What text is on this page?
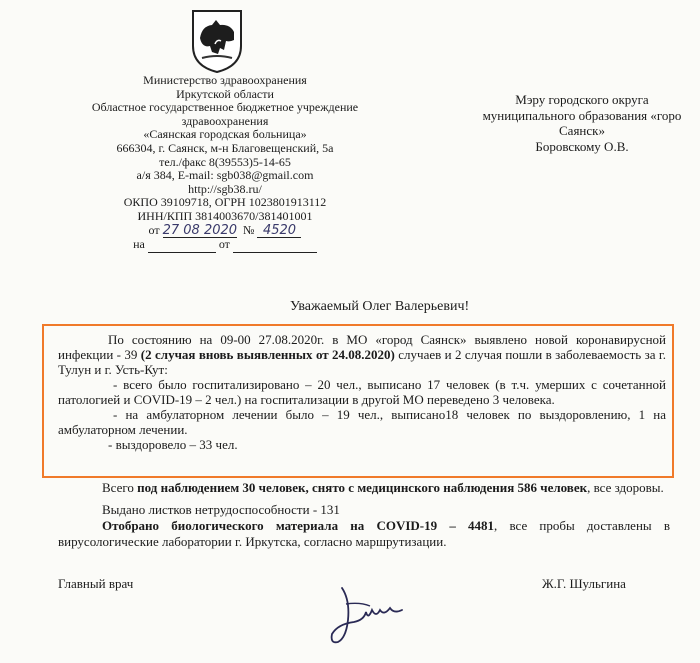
Министерство здравоохранения
Иркутской области
Областное государственное бюджетное учреждение
здравоохранения
«Саянская городская больница»
666304, г. Саянск, м-н Благовещенский, 5а
тел./факс 8(39553)5-14-65
а/я 384, E-mail: sgb038@gmail.com
http://sgb38.ru/
ОКПО 39109718, ОГРН 1023801913112
ИНН/КПП 3814003670/381401001
от 27 08 2020 № 4520
на	от
Мэру городского округа
муниципального образования «горо
Саянск»
Боровскому О.В.
Уважаемый Олег Валерьевич!

По состоянию на 09-00 27.08.2020г. в МО «город Саянск» выявлено новой коронавирусной инфекции - 39 (2 случая вновь выявленных от 24.08.2020) случаев и 2 случая пошли в заболеваемость за г. Тулун и г. Усть-Кут:

- всего было госпитализировано – 20 чел., выписано 17 человек (в т.ч. умерших с сочетанной патологией и COVID-19 – 2 чел.) на госпитализации в другой МО переведено 3 человека.

- на амбулаторном лечении было – 19 чел., выписано18 человек по выздоровлению, 1 на амбулаторном лечении.

- выздоровело – 33 чел.

Всего под наблюдением 30 человек, снято с медицинского наблюдения 586 человек, все здоровы.

Выдано листков нетрудоспособности - 131

Отобрано биологического материала на COVID-19 – 4481, все пробы доставлены в вирусологические лаборатории г. Иркутска, согласно маршрутизации.

Главный врач	Ж.Г. Шульгина
